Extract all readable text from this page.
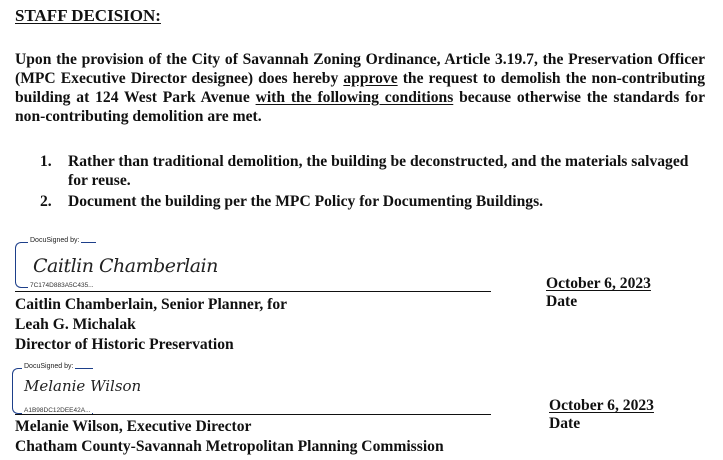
STAFF DECISION:

Upon the provision of the City of Savannah Zoning Ordinance, Article 3.19.7, the Preservation Officer (MPC Executive Director designee) does hereby approve the request to demolish the non-contributing building at 124 West Park Avenue with the following conditions because otherwise the standards for non-contributing demolition are met.

1. Rather than traditional demolition, the building be deconstructed, and the materials salvaged for reuse.
2. Document the building per the MPC Policy for Documenting Buildings.
DocuSigned by:
Caitlin Chamberlain
7C174D883A5C435...
Caitlin Chamberlain, Senior Planner, for
Leah G. Michalak
Director of Historic Preservation
October 6, 2023
Date
DocuSigned by:
Melanie Wilson
A1B98DC12DEE42A...
Melanie Wilson, Executive Director
Chatham County-Savannah Metropolitan Planning Commission
October 6, 2023
Date
